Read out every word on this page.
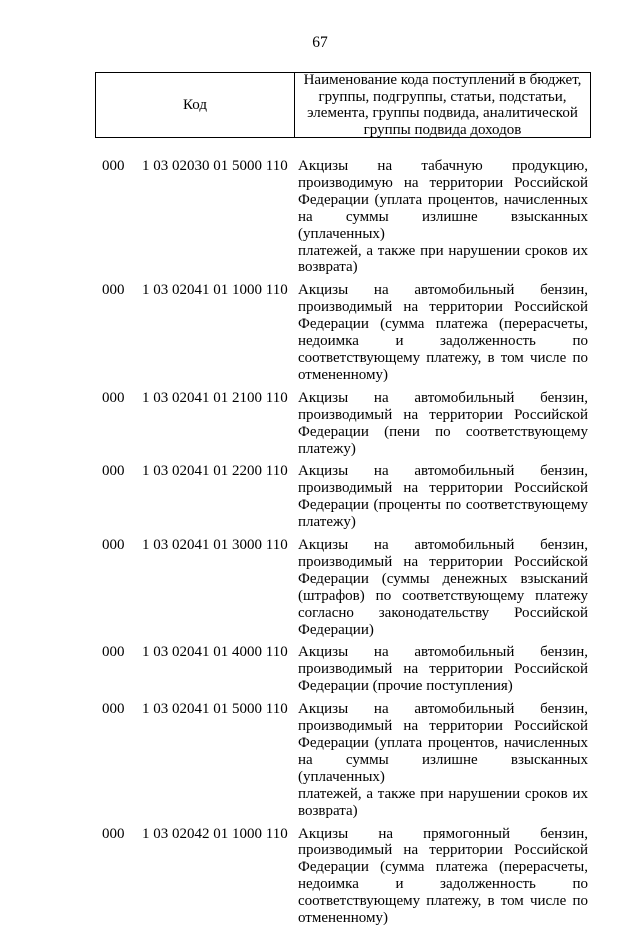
67
Код
Наименование кода поступлений в бюджет, группы, подгруппы, статьи, подстатьи, элемента, группы подвида, аналитической группы подвида доходов
000 1 03 02030 01 5000 110 Акцизы на табачную продукцию,
производимую на территории Российской
Федерации (уплата процентов, начисленных
на суммы излишне взысканных (уплаченных)
платежей, а также при нарушении сроков их
возврата)
000 1 03 02041 01 1000 110 Акцизы на автомобильный бензин,
производимый на территории Российской
Федерации (сумма платежа (перерасчеты,
недоимка и задолженность по
соответствующему платежу, в том числе по
отмененному)
000 1 03 02041 01 2100 110 Акцизы на автомобильный бензин,
производимый на территории Российской
Федерации (пени по соответствующему
платежу)
000 1 03 02041 01 2200 110 Акцизы на автомобильный бензин,
производимый на территории Российской
Федерации (проценты по соответствующему
платежу)
000 1 03 02041 01 3000 110 Акцизы на автомобильный бензин,
производимый на территории Российской
Федерации (суммы денежных взысканий
(штрафов) по соответствующему платежу
согласно законодательству Российской
Федерации)
000 1 03 02041 01 4000 110 Акцизы на автомобильный бензин,
производимый на территории Российской
Федерации (прочие поступления)
000 1 03 02041 01 5000 110 Акцизы на автомобильный бензин,
производимый на территории Российской
Федерации (уплата процентов, начисленных
на суммы излишне взысканных (уплаченных)
платежей, а также при нарушении сроков их
возврата)
000 1 03 02042 01 1000 110 Акцизы на прямогонный бензин,
производимый на территории Российской
Федерации (сумма платежа (перерасчеты,
недоимка и задолженность по
соответствующему платежу, в том числе по
отмененному)
